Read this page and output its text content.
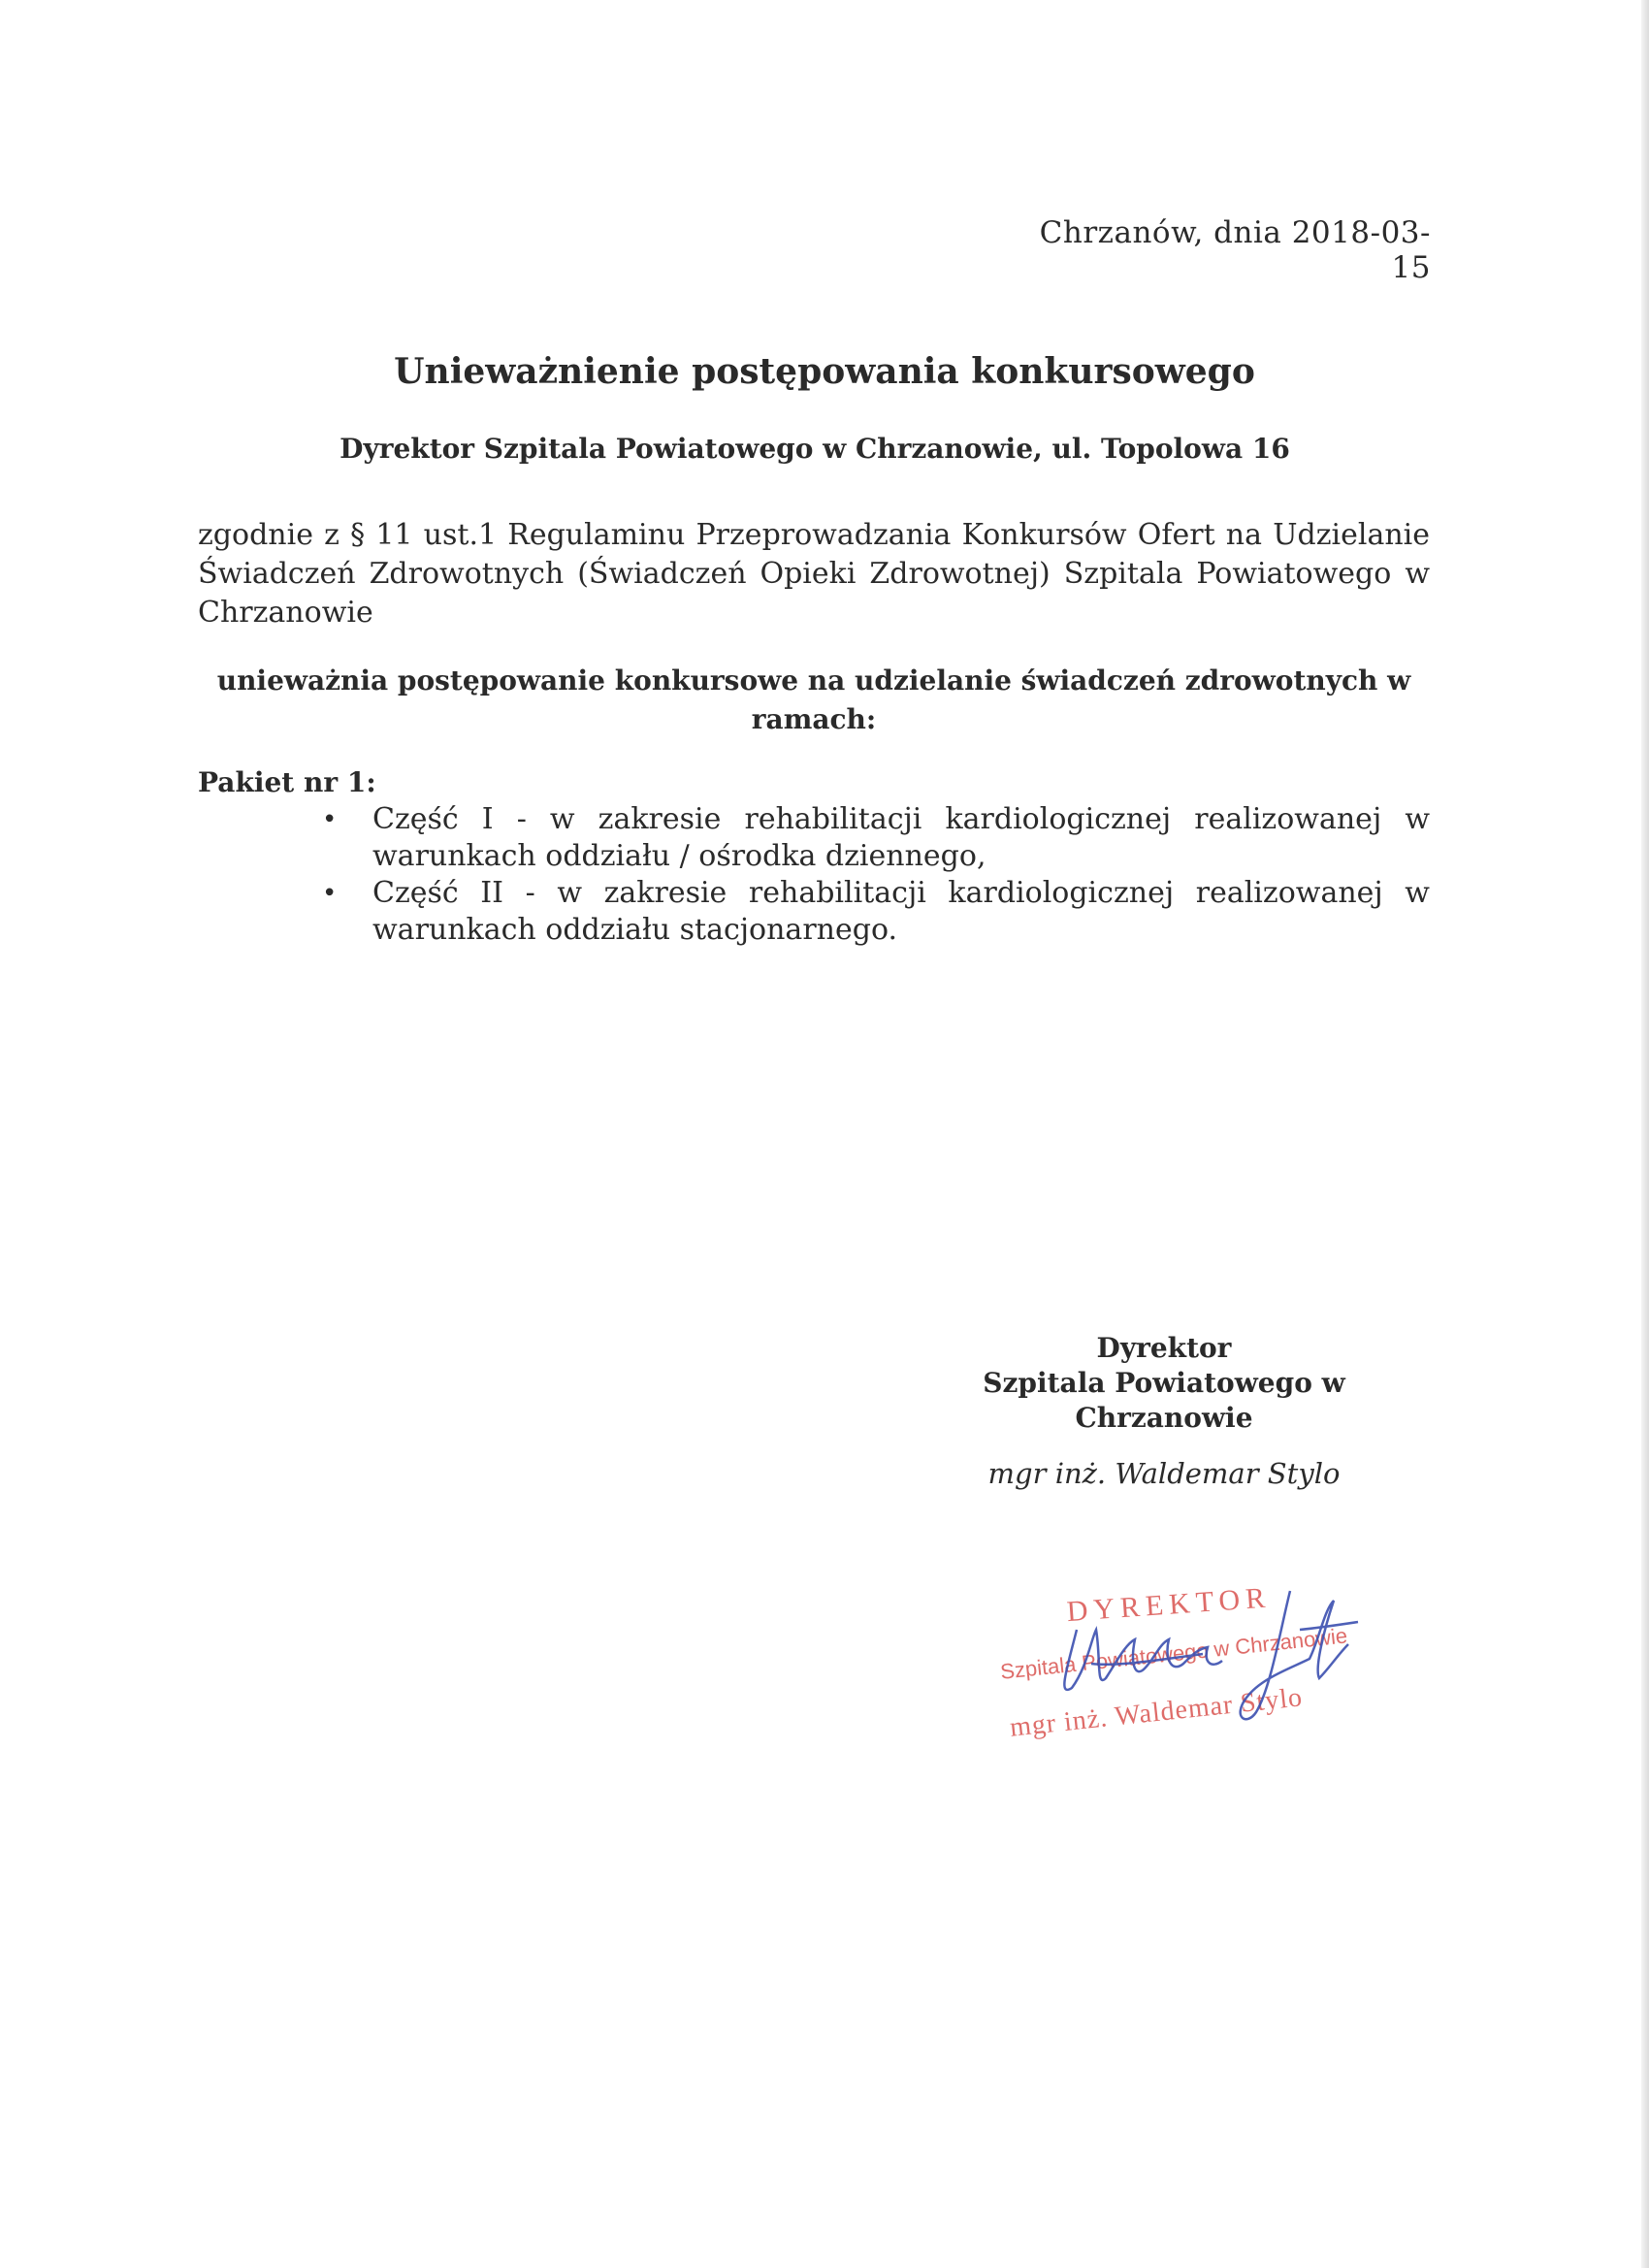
Chrzanów, dnia 2018-03-15
Unieważnienie postępowania konkursowego
Dyrektor Szpitala Powiatowego w Chrzanowie, ul. Topolowa 16
zgodnie z § 11 ust.1 Regulaminu Przeprowadzania Konkursów Ofert na Udzielanie Świadczeń Zdrowotnych (Świadczeń Opieki Zdrowotnej) Szpitala Powiatowego w Chrzanowie
unieważnia postępowanie konkursowe na udzielanie świadczeń zdrowotnych w ramach:
Pakiet nr 1:
• Część I - w zakresie rehabilitacji kardiologicznej realizowanej w warunkach oddziału / ośrodka dziennego,
• Część II - w zakresie rehabilitacji kardiologicznej realizowanej w warunkach oddziału stacjonarnego.
Dyrektor
Szpitala Powiatowego w
Chrzanowie
mgr inż. Waldemar Stylo
DYREKTOR
Szpitala Powiatowego w Chrzanowie
mgr inż. Waldemar Stylo
